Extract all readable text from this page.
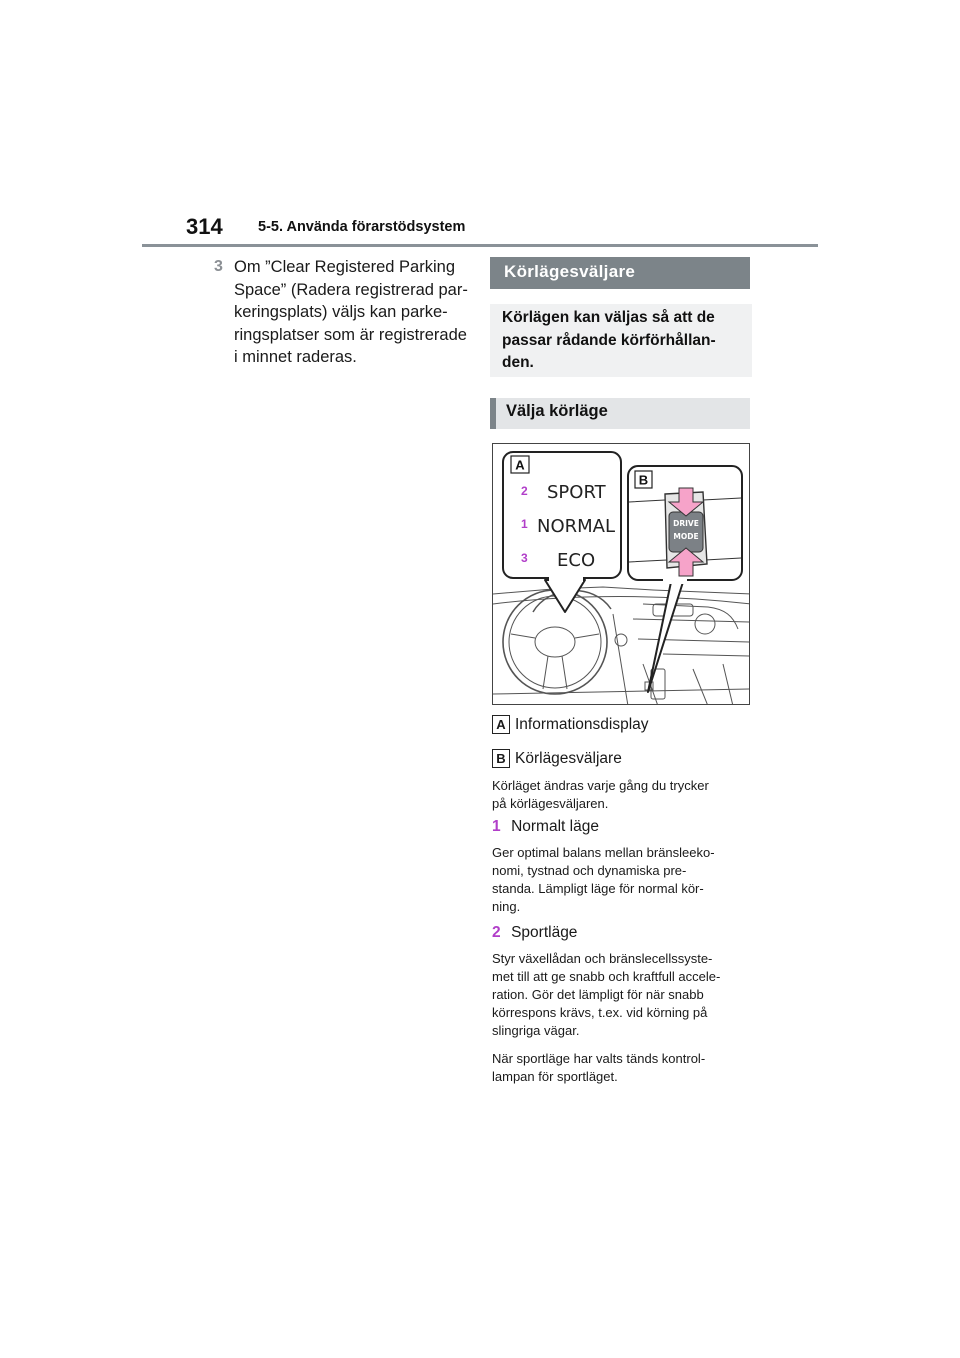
314 5-5. Använda förarstödsystem
3 Om ”Clear Registered Parking
Space” (Radera registrerad par-
keringsplats) väljs kan parke-
ringsplatser som är registrerade
i minnet raderas.
Körlägesväljare
Körlägen kan väljas så att de
passar rådande körförhållan-
den.
Välja körläge
A
2 SPORT
1 NORMAL
3 ECO
B
DRIVE
MODE
A Informationsdisplay
B Körlägesväljare
Körläget ändras varje gång du trycker
på körlägesväljaren.
1 Normalt läge
Ger optimal balans mellan bränsleeko-
nomi, tystnad och dynamiska pre-
standa. Lämpligt läge för normal kör-
ning.
2 Sportläge
Styr växellådan och bränslecellssyste-
met till att ge snabb och kraftfull accele-
ration. Gör det lämpligt för när snabb
körrespons krävs, t.ex. vid körning på
slingriga vägar.
När sportläge har valts tänds kontrol-
lampan för sportläget.
